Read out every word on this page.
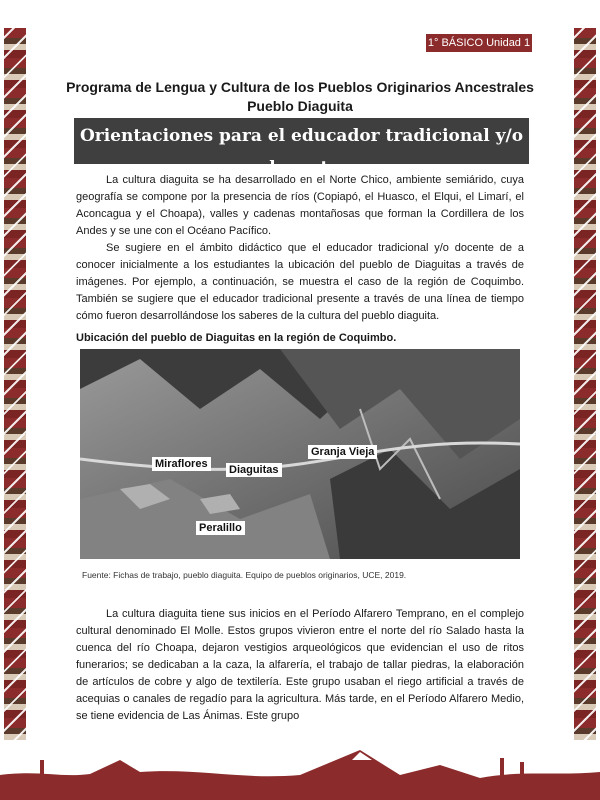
1° BÁSICO Unidad 1
Programa de Lengua y Cultura de los Pueblos Originarios Ancestrales
Pueblo Diaguita
Orientaciones para el educador tradicional y/o docente

La cultura diaguita se ha desarrollado en el Norte Chico, ambiente semiárido, cuya geografía se compone por la presencia de ríos (Copiapó, el Huasco, el Elqui, el Limarí, el Aconcagua y el Choapa), valles y cadenas montañosas que forman la Cordillera de los Andes y se une con el Océano Pacífico.

Se sugiere en el ámbito didáctico que el educador tradicional y/o docente de a conocer inicialmente a los estudiantes la ubicación del pueblo de Diaguitas a través de imágenes. Por ejemplo, a continuación, se muestra el caso de la región de Coquimbo. También se sugiere que el educador tradicional presente a través de una línea de tiempo cómo fueron desarrollándose los saberes de la cultura del pueblo diaguita.

Ubicación del pueblo de Diaguitas en la región de Coquimbo.

Miraflores Diaguitas
Granja Vieja
Peralillo

Fuente: Fichas de trabajo, pueblo diaguita. Equipo de pueblos originarios, UCE, 2019.

La cultura diaguita tiene sus inicios en el Período Alfarero Temprano, en el complejo cultural denominado El Molle. Estos grupos vivieron entre el norte del río Salado hasta la cuenca del río Choapa, dejaron vestigios arqueológicos que evidencian el uso de ritos funerarios; se dedicaban a la caza, la alfarería, el trabajo de tallar piedras, la elaboración de artículos de cobre y algo de textilería. Este grupo usaban el riego artificial a través de acequias o canales de regadío para la agricultura. Más tarde, en el Período Alfarero Medio, se tiene evidencia de Las Ánimas. Este grupo
